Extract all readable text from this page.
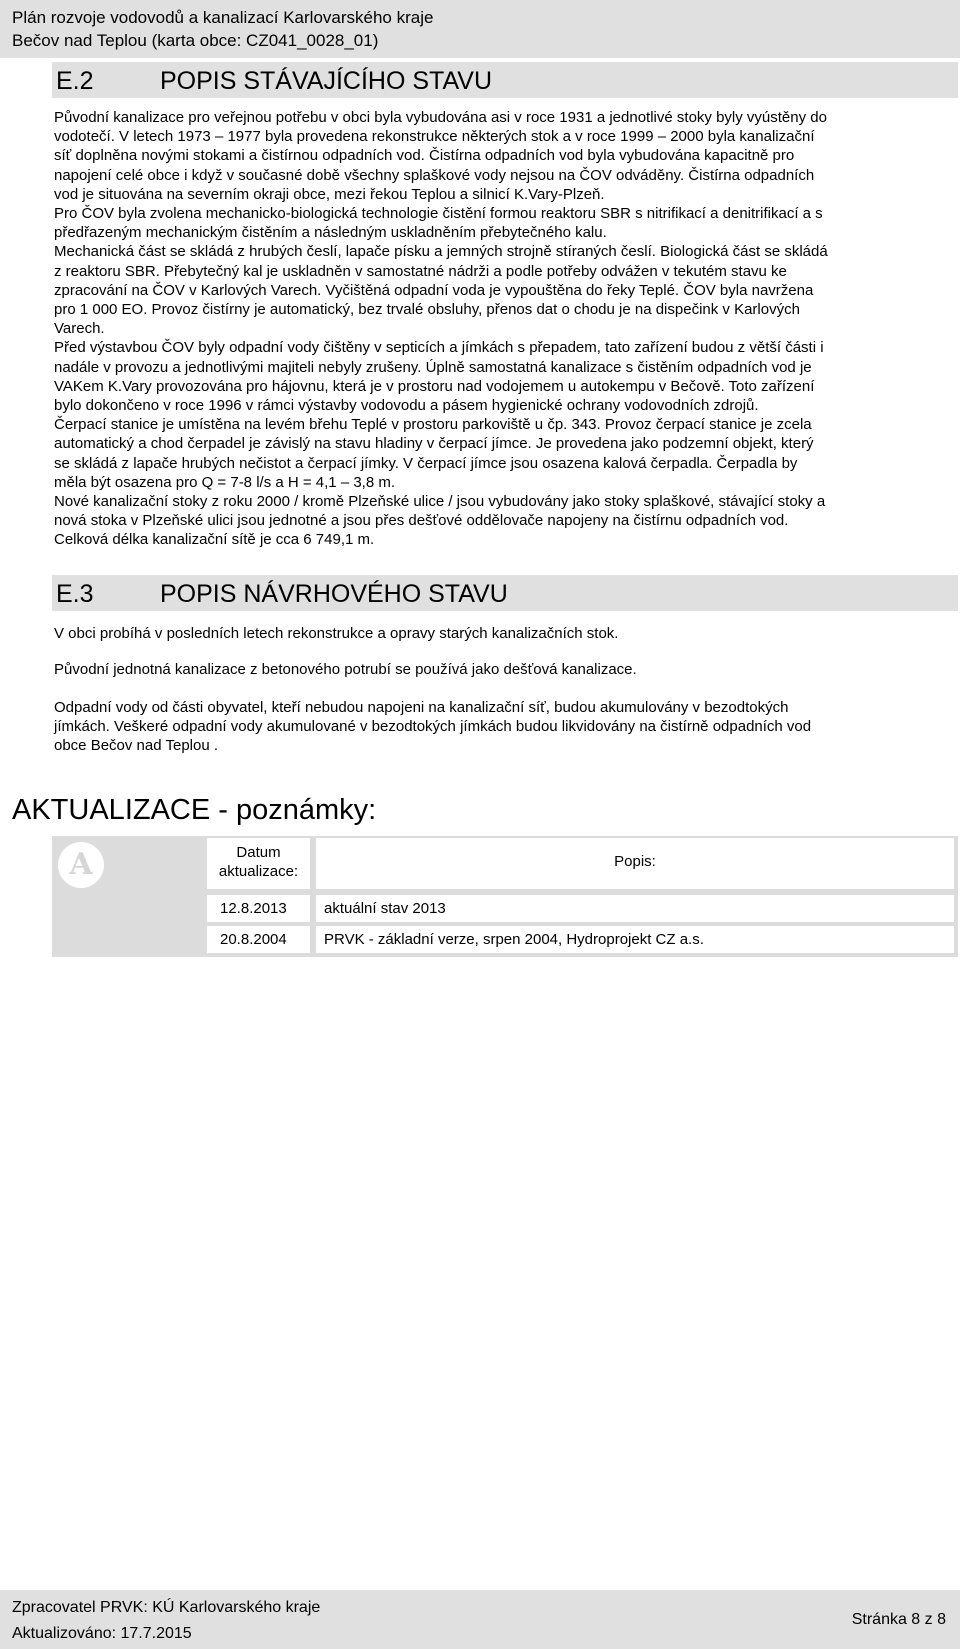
Plán rozvoje vodovodů a kanalizací Karlovarského kraje
Bečov nad Teplou (karta obce: CZ041_0028_01)
E.2	POPIS STÁVAJÍCÍHO STAVU
Původní kanalizace pro veřejnou potřebu v obci byla vybudována asi v roce 1931 a jednotlivé stoky byly vyústěny do
vodotečí. V letech 1973 – 1977 byla provedena rekonstrukce některých stok a v roce 1999 – 2000 byla kanalizační
síť doplněna novými stokami a čistírnou odpadních vod. Čistírna odpadních vod byla vybudována kapacitně pro
napojení celé obce i když v současné době všechny splaškové vody nejsou na ČOV odváděny. Čistírna odpadních
vod je situována na severním okraji obce, mezi řekou Teplou a silnicí K.Vary-Plzeň.
Pro ČOV byla zvolena mechanicko-biologická technologie čistění formou reaktoru SBR s nitrifikací a denitrifikací a s
předřazeným mechanickým čistěním a následným uskladněním přebytečného kalu.
Mechanická část se skládá z hrubých česlí, lapače písku a jemných strojně stíraných česlí. Biologická část se skládá
z reaktoru SBR. Přebytečný kal je uskladněn v samostatné nádrži a podle potřeby odvážen v tekutém stavu ke
zpracování na ČOV v Karlových Varech. Vyčištěná odpadní voda je vypouštěna do řeky Teplé. ČOV byla navržena
pro 1 000 EO. Provoz čistírny je automatický, bez trvalé obsluhy, přenos dat o chodu je na dispečink v Karlových
Varech.
Před výstavbou ČOV byly odpadní vody čištěny v septicích a jímkách s přepadem, tato zařízení budou z větší části i
nadále v provozu a jednotlivými majiteli nebyly zrušeny. Úplně samostatná kanalizace s čistěním odpadních vod je
VAKem K.Vary provozována pro hájovnu, která je v prostoru nad vodojemem u autokempu v Bečově. Toto zařízení
bylo dokončeno v roce 1996 v rámci výstavby vodovodu a pásem hygienické ochrany vodovodních zdrojů.
Čerpací stanice je umístěna na levém břehu Teplé v prostoru parkoviště u čp. 343. Provoz čerpací stanice je zcela
automatický a chod čerpadel je závislý na stavu hladiny v čerpací jímce. Je provedena jako podzemní objekt, který
se skládá z lapače hrubých nečistot a čerpací jímky. V čerpací jímce jsou osazena kalová čerpadla. Čerpadla by
měla být osazena pro Q = 7-8 l/s a H = 4,1 – 3,8 m.
Nové kanalizační stoky z roku 2000 / kromě Plzeňské ulice / jsou vybudovány jako stoky splaškové, stávající stoky a
nová stoka v Plzeňské ulici jsou jednotné a jsou přes dešťové oddělovače napojeny na čistírnu odpadních vod.
Celková délka kanalizační sítě je cca 6 749,1 m.
E.3	POPIS NÁVRHOVÉHO STAVU
V obci probíhá v posledních letech rekonstrukce a opravy starých kanalizačních stok.
Původní jednotná kanalizace z betonového potrubí se používá jako dešťová kanalizace.
Odpadní vody od části obyvatel, kteří nebudou napojeni na kanalizační síť, budou akumulovány v bezodtokých
jímkách. Veškeré odpadní vody akumulované v bezodtokých jímkách budou likvidovány na čistírně odpadních vod
obce Bečov nad Teplou .
AKTUALIZACE - poznámky:
A	Datum
aktualizace:
Popis:
12.8.2013 aktuální stav 2013
20.8.2004 PRVK - základní verze, srpen 2004, Hydroprojekt CZ a.s.
Zpracovatel PRVK: KÚ Karlovarského kraje
Aktualizováno: 17.7.2015
Stránka 8 z 8
